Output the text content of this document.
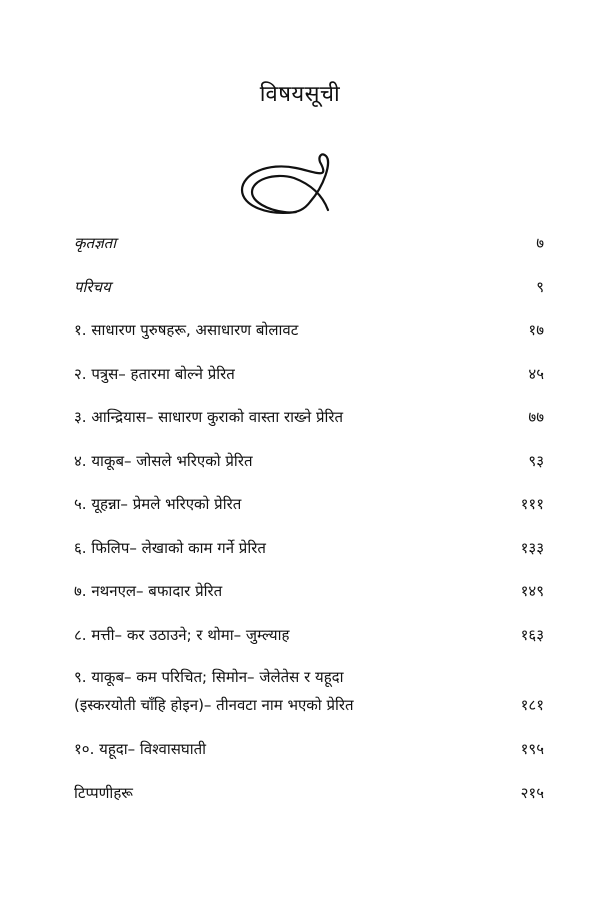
विषयसूची
कृतज्ञता	७
परिचय	९
१. साधारण पुरुषहरू, असाधारण बोलावट	१७
२. पत्रुस– हतारमा बोल्ने प्रेरित	४५
३. आन्द्रियास– साधारण कुराको वास्ता राख्ने प्रेरित	७७
४. याकूब– जोसले भरिएको प्रेरित	९३
५. यूहन्ना– प्रेमले भरिएको प्रेरित	१११
६. फिलिप– लेखाको काम गर्ने प्रेरित	१३३
७. नथनएल– बफादार प्रेरित	१४९
८. मत्ती– कर उठाउने; र थोमा– जुम्ल्याह	१६३
९. याकूब– कम परिचित; सिमोन– जेलेतेस र यहूदा
(इस्करयोती चाँहि होइन)– तीनवटा नाम भएको प्रेरित	१८१
१०. यहूदा– विश्वासघाती	१९५
टिप्पणीहरू	२१५
